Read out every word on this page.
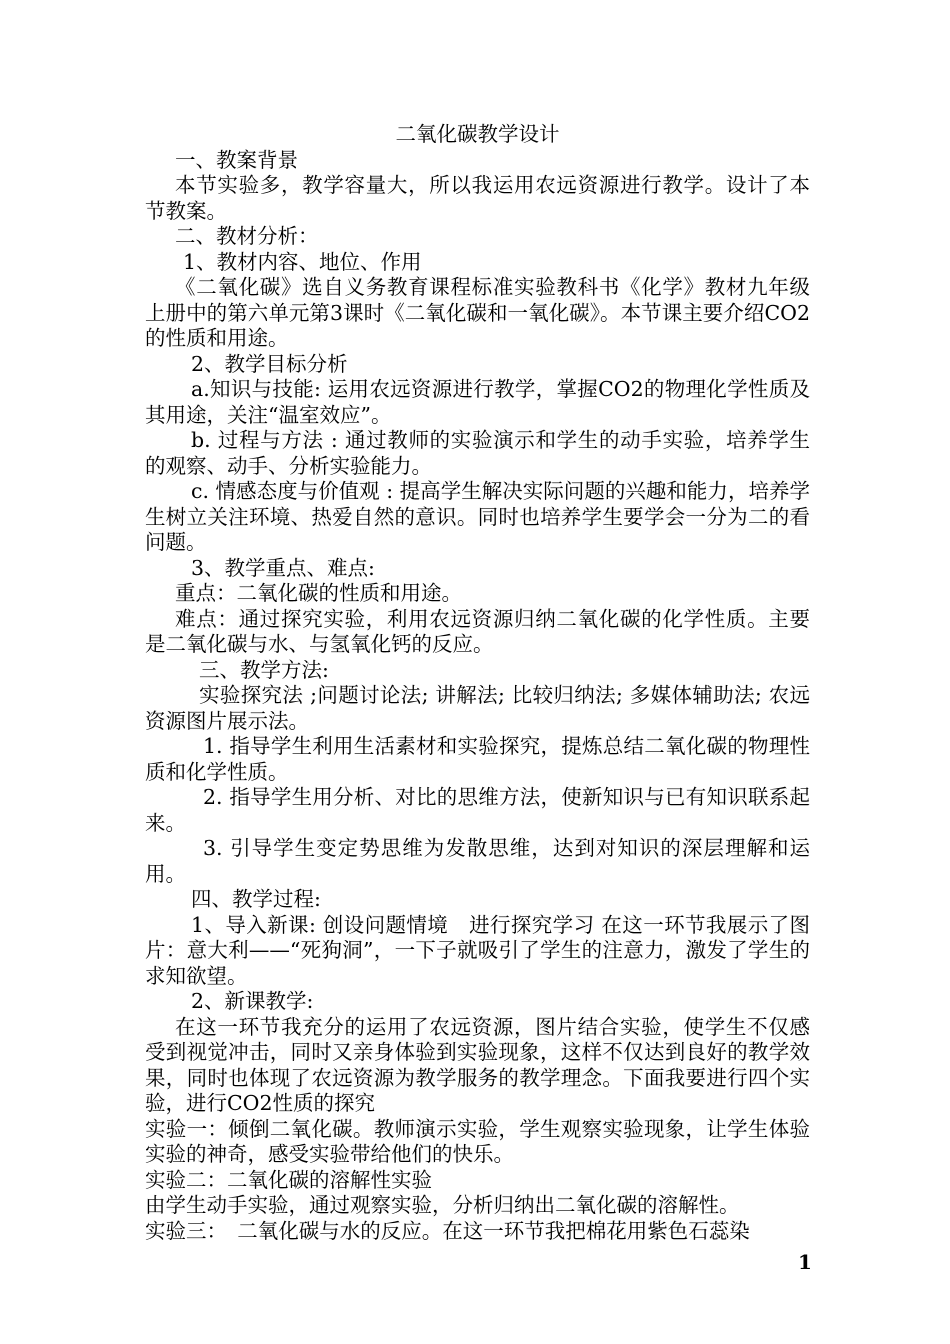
二氧化碳教学设计

一、教案背景

本节实验多，教学容量大，所以我运用农远资源进行教学。设计了本节教案。

二、教材分析：

1、教材内容、地位、作用

《二氧化碳》选自义务教育课程标准实验教科书《化学》教材九年级上册中的第六单元第3课时《二氧化碳和一氧化碳》。本节课主要介绍CO2的性质和用途。

2、教学目标分析

a.知识与技能: 运用农远资源进行教学，掌握CO2的物理化学性质及其用途，关注“温室效应”。

b. 过程与方法 : 通过教师的实验演示和学生的动手实验，培养学生的观察、动手、分析实验能力。

c. 情感态度与价值观 : 提高学生解决实际问题的兴趣和能力，培养学生树立关注环境、热爱自然的意识。同时也培养学生要学会一分为二的看问题。

3、教学重点、难点:

重点：二氧化碳的性质和用途。

难点：通过探究实验，利用农远资源归纳二氧化碳的化学性质。主要是二氧化碳与水、与氢氧化钙的反应。

三、教学方法:

实验探究法 ;问题讨论法; 讲解法; 比较归纳法; 多媒体辅助法; 农远资源图片展示法。

1. 指导学生利用生活素材和实验探究，提炼总结二氧化碳的物理性质和化学性质。

2. 指导学生用分析、对比的思维方法，使新知识与已有知识联系起来。

3. 引导学生变定势思维为发散思维，达到对知识的深层理解和运用。

四、教学过程:

1、导入新课: 创设问题情境　进行探究学习 在这一环节我展示了图片：意大利——“死狗洞”，一下子就吸引了学生的注意力，激发了学生的求知欲望。

2、新课教学:

在这一环节我充分的运用了农远资源，图片结合实验，使学生不仅感受到视觉冲击，同时又亲身体验到实验现象，这样不仅达到良好的教学效果，同时也体现了农远资源为教学服务的教学理念。下面我要进行四个实验，进行CO2性质的探究

实验一：倾倒二氧化碳。教师演示实验，学生观察实验现象，让学生体验实验的神奇，感受实验带给他们的快乐。

实验二：二氧化碳的溶解性实验

由学生动手实验，通过观察实验，分析归纳出二氧化碳的溶解性。

实验三：　二氧化碳与水的反应。在这一环节我把棉花用紫色石蕊染

1
